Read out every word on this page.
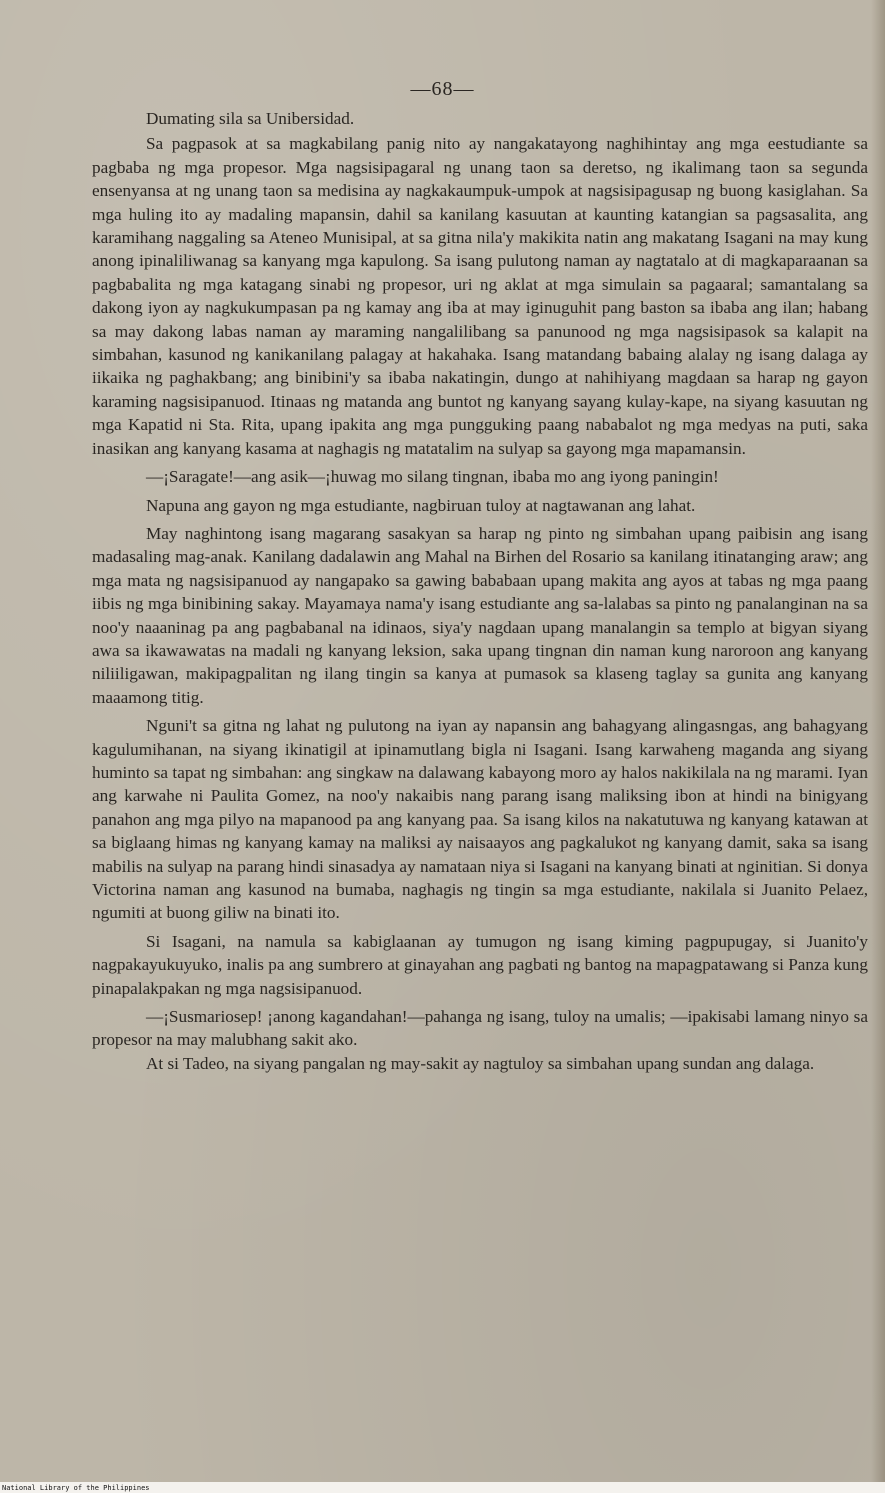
—68—

Dumating sila sa Unibersidad.

Sa pagpasok at sa magkabilang panig nito ay nangakatayong naghihintay ang mga eestudiante sa pagbaba ng mga propesor. Mga nagsisipagaral ng unang taon sa deretso, ng ikalimang taon sa segunda ensenyansa at ng unang taon sa medisina ay nagkakaumpuk-umpok at nagsisipagusap ng buong kasiglahan. Sa mga huling ito ay madaling mapansin, dahil sa kanilang kasuutan at kaunting katangian sa pagsasalita, ang karamihang naggaling sa Ateneo Munisipal, at sa gitna nila'y makikita natin ang makatang Isagani na may kung anong ipinaliliwanag sa kanyang mga kapulong. Sa isang pulutong naman ay nagtatalo at di magkaparaanan sa pagbabalita ng mga katagang sinabi ng propesor, uri ng aklat at mga simulain sa pagaaral; samantalang sa dakong iyon ay nagkukumpasan pa ng kamay ang iba at may iginuguhit pang baston sa ibaba ang ilan; habang sa may dakong labas naman ay maraming nangalilibang sa panunood ng mga nagsisipasok sa kalapit na simbahan, kasunod ng kanikanilang palagay at hakahaka. Isang matandang babaing alalay ng isang dalaga ay iikaika ng paghakbang; ang binibini'y sa ibaba nakatingin, dungo at nahihiyang magdaan sa harap ng gayon karaming nagsisipanuod. Itinaas ng matanda ang buntot ng kanyang sayang kulay-kape, na siyang kasuutan ng mga Kapatid ni Sta. Rita, upang ipakita ang mga pungguking paang nababalot ng mga medyas na puti, saka inasikan ang kanyang kasama at naghagis ng matatalim na sulyap sa gayong mga mapamansin.

—¡Saragate!—ang asik—¡huwag mo silang tingnan, ibaba mo ang iyong paningin!

Napuna ang gayon ng mga estudiante, nagbiruan tuloy at nagtawanan ang lahat.

May naghintong isang magarang sasakyan sa harap ng pinto ng simbahan upang paibisin ang isang madasaling mag-anak. Kanilang dadalawin ang Mahal na Birhen del Rosario sa kanilang itinatanging araw; ang mga mata ng nagsisipanuod ay nangapako sa gawing bababaan upang makita ang ayos at tabas ng mga paang iibis ng mga binibining sakay. Mayamaya nama'y isang estudiante ang sa-lalabas sa pinto ng panalanginan na sa noo'y naaaninag pa ang pagbabanal na idinaos, siya'y nagdaan upang manalangin sa templo at bigyan siyang awa sa ikawawatas na madali ng kanyang leksion, saka upang tingnan din naman kung naroroon ang kanyang niliiligawan, makipagpalitan ng ilang tingin sa kanya at pumasok sa klaseng taglay sa gunita ang kanyang maaamong titig.

Nguni't sa gitna ng lahat ng pulutong na iyan ay napansin ang bahagyang alingasngas, ang bahagyang kagulumihanan, na siyang ikinatigil at ipinamutlang bigla ni Isagani. Isang karwaheng maganda ang siyang huminto sa tapat ng simbahan: ang singkaw na dalawang kabayong moro ay halos nakikilala na ng marami. Iyan ang karwahe ni Paulita Gomez, na noo'y nakaibis nang parang isang maliksing ibon at hindi na binigyang panahon ang mga pilyo na mapanood pa ang kanyang paa. Sa isang kilos na nakatutuwa ng kanyang katawan at sa biglaang himas ng kanyang kamay na maliksi ay naisaayos ang pagkalukot ng kanyang damit, saka sa isang mabilis na sulyap na parang hindi sinasadya ay namataan niya si Isagani na kanyang binati at nginitian. Si donya Victorina naman ang kasunod na bumaba, naghagis ng tingin sa mga estudiante, nakilala si Juanito Pelaez, ngumiti at buong giliw na binati ito.

Si Isagani, na namula sa kabiglaanan ay tumugon ng isang kiming pagpupugay, si Juanito'y nagpakayukuyuko, inalis pa ang sumbrero at ginayahan ang pagbati ng bantog na mapagpatawang si Panza kung pinapalakpakan ng mga nagsisipanuod.

—¡Susmariosep! ¡anong kagandahan!—pahanga ng isang, tuloy na umalis; —ipakisabi lamang ninyo sa propesor na may malubhang sakit ako.

At si Tadeo, na siyang pangalan ng may-sakit ay nagtuloy sa simbahan upang sundan ang dalaga.

National Library of the Philippines
